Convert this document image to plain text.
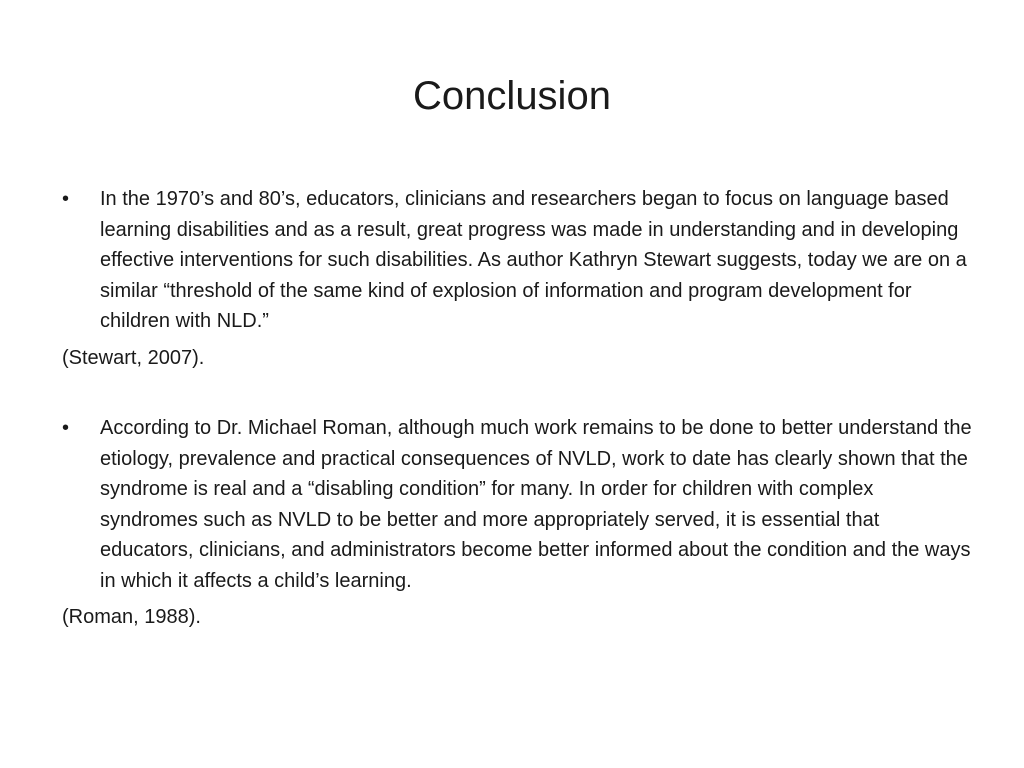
Conclusion
•	In the 1970’s and 80’s, educators, clinicians and researchers began to focus on language based learning disabilities and as a result, great progress was made in understanding and in developing effective interventions for such disabilities. As author Kathryn Stewart suggests, today we are on a similar “threshold of the same kind of explosion of information and program development for children with NLD.”
(Stewart, 2007).
•	According to Dr. Michael Roman, although much work remains to be done to better understand the etiology, prevalence and practical consequences of NVLD, work to date has clearly shown that the syndrome is real and a “disabling condition” for many. In order for children with complex syndromes such as NVLD to be better and more appropriately served, it is essential that educators, clinicians, and administrators become better informed about the condition and the ways in which it affects a child’s learning.
(Roman, 1988).
